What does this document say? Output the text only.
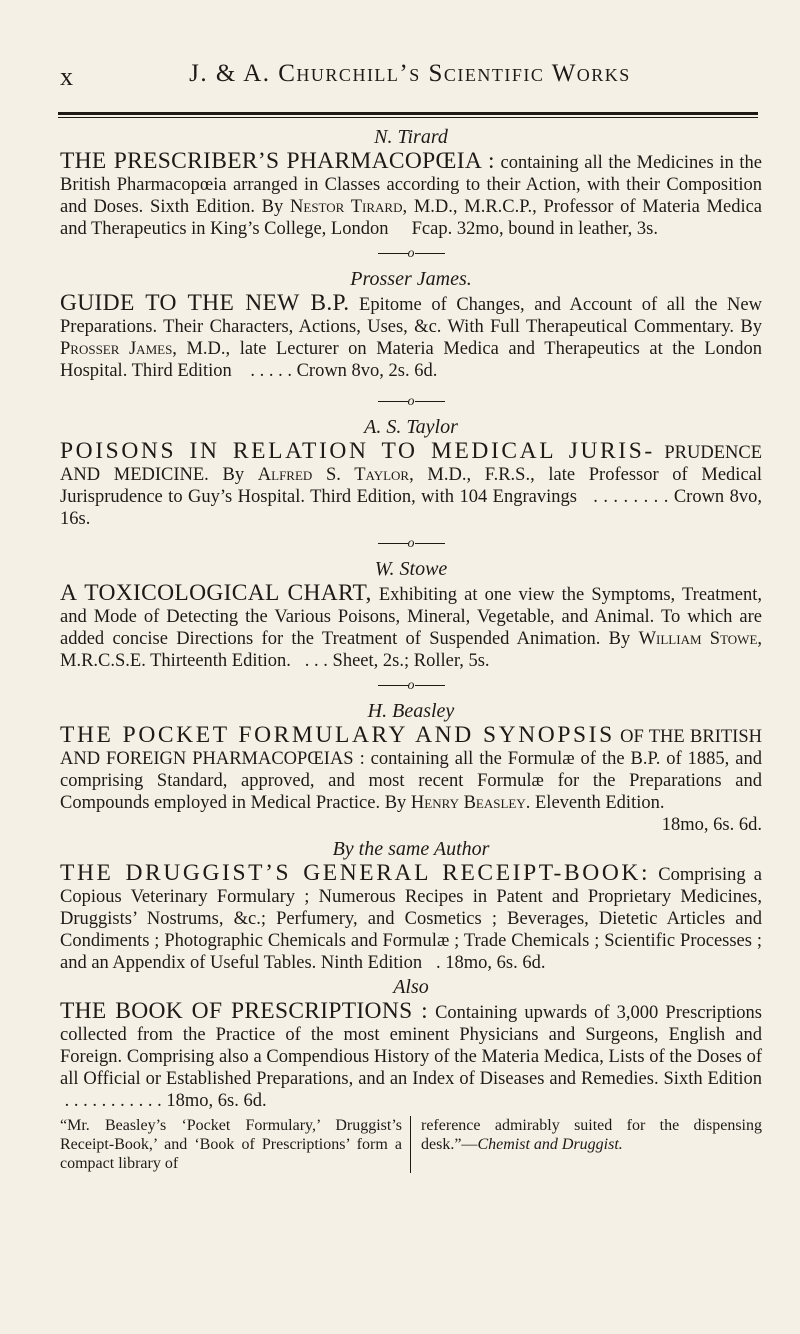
x	J. & A. Churchill’s Scientific Works
N. Tirard

THE PRESCRIBER’S PHARMACOPŒIA : containing all the Medicines in the British Pharmacopœia arranged in Classes according to their Action, with their Composition and Doses. Sixth Edition. By Nestor Tirard, M.D., M.R.C.P., Professor of Materia Medica and Therapeutics in King’s College, London Fcap. 32mo, bound in leather, 3s.

o
Prosser James.

GUIDE TO THE NEW B.P. Epitome of Changes, and Account of all the New Preparations. Their Characters, Actions, Uses, &c. With Full Therapeutical Commentary. By Prosser James, M.D., late Lecturer on Materia Medica and Therapeutics at the London Hospital. Third Edition . . . . . Crown 8vo, 2s. 6d.

o
A. S. Taylor

POISONS IN RELATION TO MEDICAL JURIS- PRUDENCE AND MEDICINE. By Alfred S. Taylor, M.D., F.R.S., late Professor of Medical Jurisprudence to Guy’s Hospital. Third Edition, with 104 Engravings . . . . . . . . Crown 8vo, 16s.

o
W. Stowe

A TOXICOLOGICAL CHART, Exhibiting at one view the Symptoms, Treatment, and Mode of Detecting the Various Poisons, Mineral, Vegetable, and Animal. To which are added concise Directions for the Treatment of Suspended Animation. By William Stowe, M.R.C.S.E. Thirteenth Edition. . . . Sheet, 2s.; Roller, 5s.

o
H. Beasley

THE POCKET FORMULARY AND SYNOPSIS OF THE BRITISH AND FOREIGN PHARMACOPŒIAS : containing all the Formulæ of the B.P. of 1885, and comprising Standard, approved, and most recent Formulæ for the Preparations and Compounds employed in Medical Practice. By Henry Beasley. Eleventh Edition.

18mo, 6s. 6d.

By the same Author

THE DRUGGIST’S GENERAL RECEIPT-BOOK: Comprising a Copious Veterinary Formulary ; Numerous Recipes in Patent and Proprietary Medicines, Druggists’ Nostrums, &c.; Perfumery, and Cosmetics ; Beverages, Dietetic Articles and Condiments ; Photographic Chemicals and Formulæ ; Trade Chemicals ; Scientific Processes ; and an Appendix of Useful Tables. Ninth Edition . 18mo, 6s. 6d.

Also

THE BOOK OF PRESCRIPTIONS : Containing upwards of 3,000 Prescriptions collected from the Practice of the most eminent Physicians and Surgeons, English and Foreign. Comprising also a Compendious History of the Materia Medica, Lists of the Doses of all Official or Established Preparations, and an Index of Diseases and Remedies. Sixth Edition  . . . . . . . . . . . 18mo, 6s. 6d.

“Mr. Beasley’s ‘Pocket Formulary,’ Druggist’s Receipt-Book,’ and ‘Book of Prescriptions’ form a compact library of
reference admirably suited for the dispensing desk.”—Chemist and Druggist.
